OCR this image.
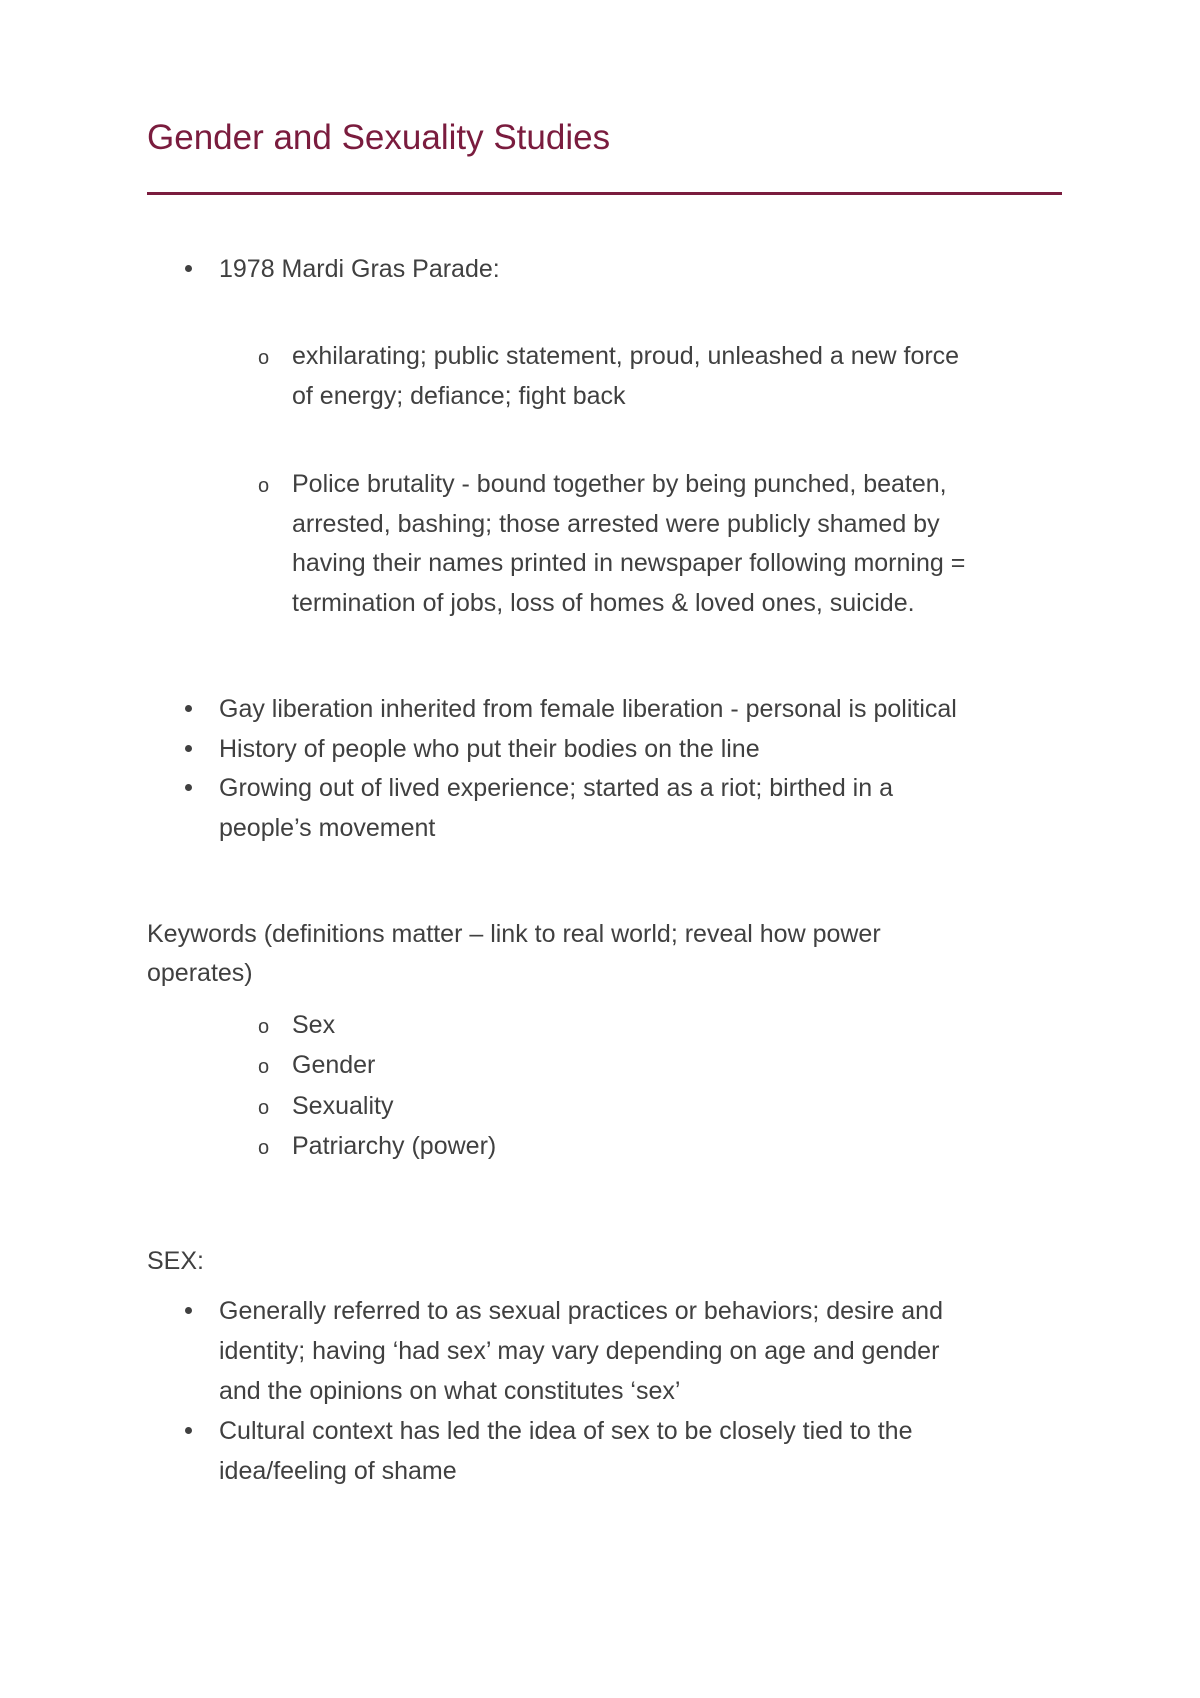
Gender and Sexuality Studies
1978 Mardi Gras Parade:
o exhilarating; public statement, proud, unleashed a new force
of energy; defiance; fight back
o Police brutality - bound together by being punched, beaten,
arrested, bashing; those arrested were publicly shamed by
having their names printed in newspaper following morning =
termination of jobs, loss of homes & loved ones, suicide.
Gay liberation inherited from female liberation - personal is political
History of people who put their bodies on the line
Growing out of lived experience; started as a riot; birthed in a
people’s movement
Keywords (definitions matter – link to real world; reveal how power
operates)
o Sex
o Gender
o Sexuality
o Patriarchy (power)
SEX:
Generally referred to as sexual practices or behaviors; desire and
identity; having ‘had sex’ may vary depending on age and gender
and the opinions on what constitutes ‘sex’
Cultural context has led the idea of sex to be closely tied to the
idea/feeling of shame
